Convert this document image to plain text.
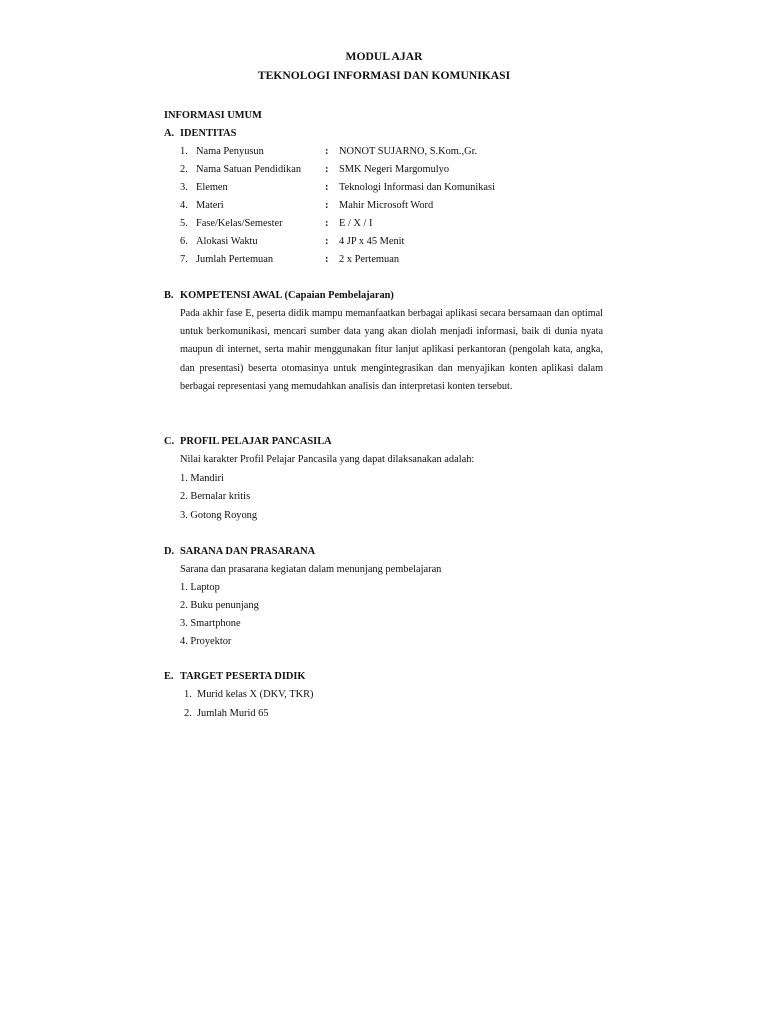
MODUL AJAR
TEKNOLOGI INFORMASI DAN KOMUNIKASI
INFORMASI UMUM
A. IDENTITAS
1. Nama Penyusun	: NONOT SUJARNO, S.Kom.,Gr.
2. Nama Satuan Pendidikan : SMK Negeri Margomulyo
3. Elemen	: Teknologi Informasi dan Komunikasi
4. Materi	: Mahir Microsoft Word
5. Fase/Kelas/Semester	: E / X / I
6. Alokasi Waktu	: 4 JP x 45 Menit
7. Jumlah Pertemuan	: 2 x Pertemuan
B. KOMPETENSI AWAL (Capaian Pembelajaran)

Pada akhir fase E, peserta didik mampu memanfaatkan berbagai aplikasi secara bersamaan dan optimal untuk berkomunikasi, mencari sumber data yang akan diolah menjadi informasi, baik di dunia nyata maupun di internet, serta mahir menggunakan fitur lanjut aplikasi perkantoran (pengolah kata, angka, dan presentasi) beserta otomasinya untuk mengintegrasikan dan menyajikan konten aplikasi dalam berbagai representasi yang memudahkan analisis dan interpretasi konten tersebut.

C. PROFIL PELAJAR PANCASILA
Nilai karakter Profil Pelajar Pancasila yang dapat dilaksanakan adalah:
1. Mandiri
2. Bernalar kritis
3. Gotong Royong
D. SARANA DAN PRASARANA
Sarana dan prasarana kegiatan dalam menunjang pembelajaran
1. Laptop
2. Buku penunjang
3. Smartphone
4. Proyektor
E. TARGET PESERTA DIDIK
1.  Murid kelas X (DKV, TKR)
2.  Jumlah Murid 65
